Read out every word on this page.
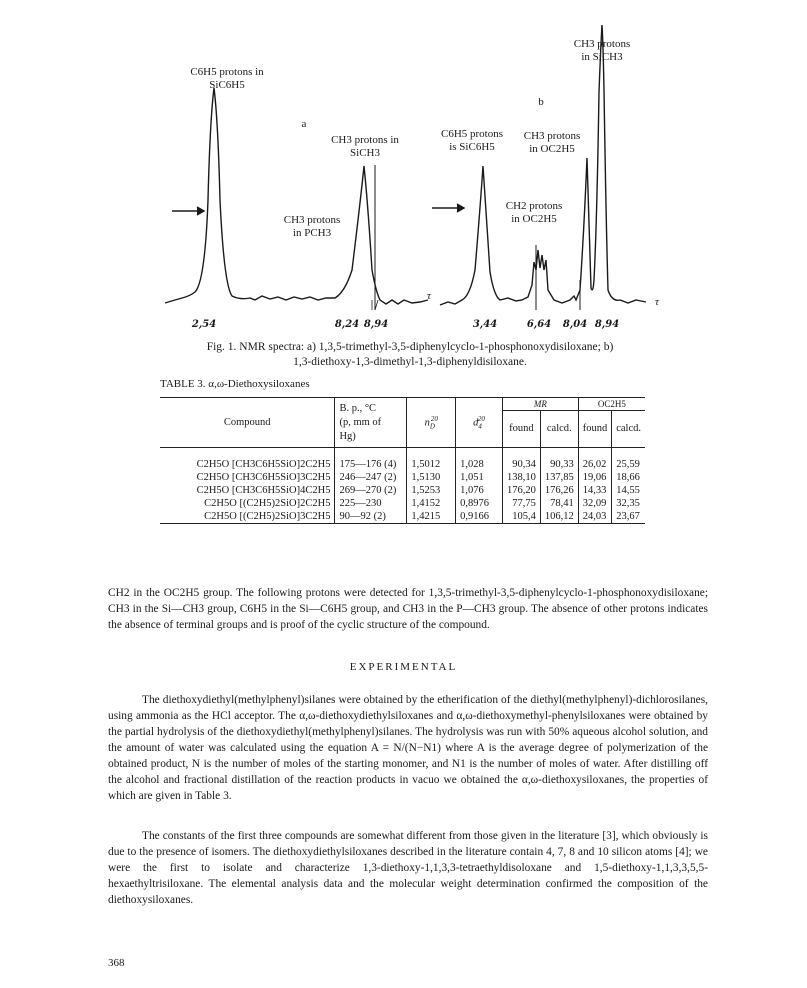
2,54	8,24 8,94
τ
3,44	6,64 8,04 8,94
τ
a
b
C6H5 protons in
SiC6H5
CH3 protons in
SiCH3
CH3 protons
in PCH3
CH3 protons
in SiCH3
C6H5 protons
is SiC6H5
CH3 protons
in OC2H5
CH2 protons
in OC2H5
Fig. 1. NMR spectra: a) 1,3,5-trimethyl-3,5-diphenylcyclo-1-phosphonoxydisiloxane; b)
1,3-diethoxy-1,3-dimethyl-1,3-diphenyldisiloxane.
TABLE 3. α,ω-Diethoxysiloxanes
Compound	B. p., °C
(p, mm of
Hg)	$n_D^{20}$	$d_4^{20}$	MR		OC2H5	
				found	calcd.	found	calcd.

C2H5O [CH3C6H5SiO]2C2H5	175—176 (4)	1,5012	1,028	90,34	90,33	26,02	25,59
C2H5O [CH3C6H5SiO]3C2H5	246—247 (2)	1,5130	1,051	138,10	137,85	19,06	18,66
C2H5O [CH3C6H5SiO]4C2H5	269—270 (2)	1,5253	1,076	176,20	176,26	14,33	14,55
C2H5O [(C2H5)2SiO]2C2H5	225—230	1,4152	0,8976	77,75	78,41	32,09	32,35
C2H5O [(C2H5)2SiO]3C2H5	90—92 (2)	1,4215	0,9166	105,4	106,12	24,03	23,67

CH2 in the OC2H5 group. The following protons were detected for 1,3,5-trimethyl-3,5-diphenylcyclo-1-phosphonoxydisiloxane; CH3 in the Si—CH3 group, C6H5 in the Si—C6H5 group, and CH3 in the P—CH3 group. The absence of other protons indicates the absence of terminal groups and is proof of the cyclic structure of the compound.

EXPERIMENTAL

The diethoxydiethyl(methylphenyl)silanes were obtained by the etherification of the diethyl(methylphenyl)-dichlorosilanes, using ammonia as the HCl acceptor. The α,ω-diethoxydiethylsiloxanes and α,ω-diethoxymethyl-phenylsiloxanes were obtained by the partial hydrolysis of the diethoxydiethyl(methylphenyl)silanes. The hydrolysis was run with 50% aqueous alcohol solution, and the amount of water was calculated using the equation A = N/(N−N1) where A is the average degree of polymerization of the obtained product, N is the number of moles of the starting monomer, and N1 is the number of moles of water. After distilling off the alcohol and fractional distillation of the reaction products in vacuo we obtained the α,ω-diethoxysiloxanes, the properties of which are given in Table 3.

The constants of the first three compounds are somewhat different from those given in the literature [3], which obviously is due to the presence of isomers. The diethoxydiethylsiloxanes described in the literature contain 4, 7, 8 and 10 silicon atoms [4]; we were the first to isolate and characterize 1,3-diethoxy-1,1,3,3-tetraethyldisoloxane and 1,5-diethoxy-1,1,3,3,5,5-hexaethyltrisiloxane. The elemental analysis data and the molecular weight determination confirmed the composition of the diethoxysiloxanes.

368
